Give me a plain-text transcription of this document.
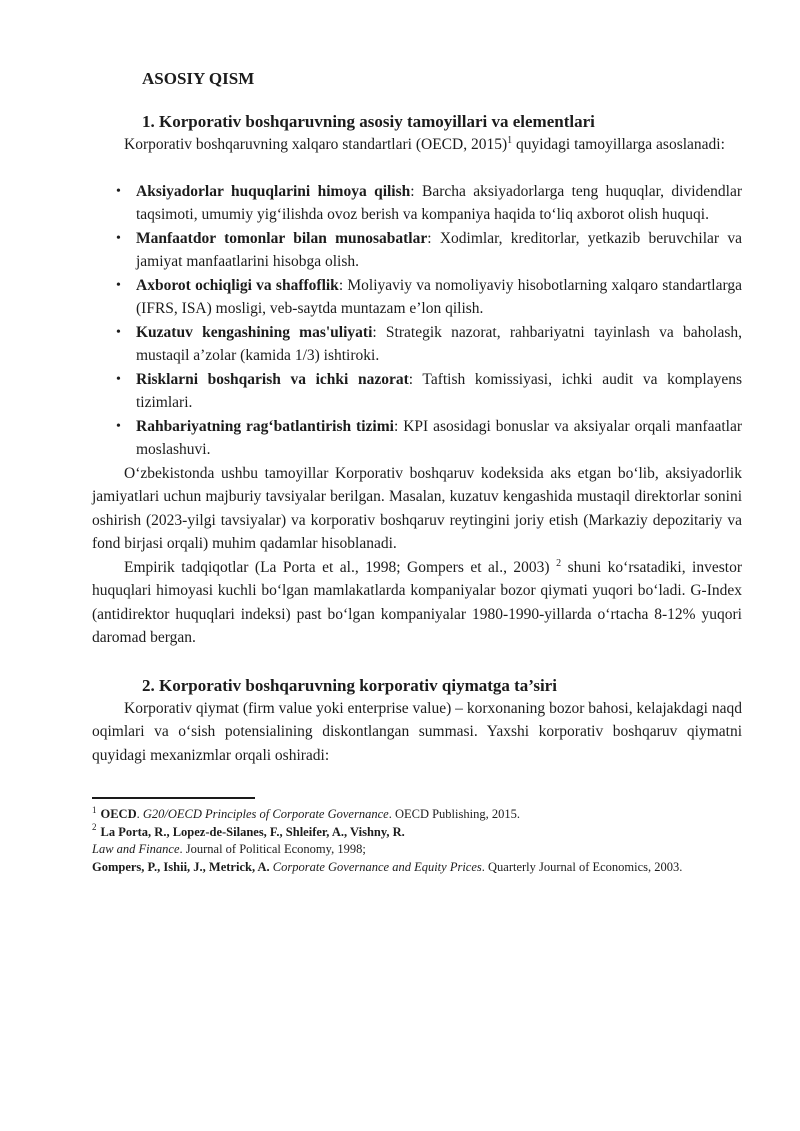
ASOSIY QISM
1. Korporativ boshqaruvning asosiy tamoyillari va elementlari

Korporativ boshqaruvning xalqaro standartlari (OECD, 2015)$^1$ quyidagi tamoyillarga asoslanadi:

• Aksiyadorlar huquqlarini himoya qilish: Barcha aksiyadorlarga teng huquqlar, dividendlar taqsimoti, umumiy yig‘ilishda ovoz berish va kompaniya haqida to‘liq axborot olish huquqi.
• Manfaatdor tomonlar bilan munosabatlar: Xodimlar, kreditorlar, yetkazib beruvchilar va jamiyat manfaatlarini hisobga olish.
• Axborot ochiqligi va shaffoflik: Moliyaviy va nomoliyaviy hisobotlarning xalqaro standartlarga (IFRS, ISA) mosligi, veb-saytda muntazam e’lon qilish.
• Kuzatuv kengashining mas'uliyati: Strategik nazorat, rahbariyatni tayinlash va baholash, mustaqil a’zolar (kamida 1/3) ishtiroki.
• Risklarni boshqarish va ichki nazorat: Taftish komissiyasi, ichki audit va komplayens tizimlari.
• Rahbariyatning rag‘batlantirish tizimi: KPI asosidagi bonuslar va aksiyalar orqali manfaatlar moslashuvi.

O‘zbekistonda ushbu tamoyillar Korporativ boshqaruv kodeksida aks etgan bo‘lib, aksiyadorlik jamiyatlari uchun majburiy tavsiyalar berilgan. Masalan, kuzatuv kengashida mustaqil direktorlar sonini oshirish (2023-yilgi tavsiyalar) va korporativ boshqaruv reytingini joriy etish (Markaziy depozitariy va fond birjasi orqali) muhim qadamlar hisoblanadi.

Empirik tadqiqotlar (La Porta et al., 1998; Gompers et al., 2003) $^2$ shuni ko‘rsatadiki, investor huquqlari himoyasi kuchli bo‘lgan mamlakatlarda kompaniyalar bozor qiymati yuqori bo‘ladi. G-Index (antidirektor huquqlari indeksi) past bo‘lgan kompaniyalar 1980-1990-yillarda o‘rtacha 8-12% yuqori daromad bergan.

2. Korporativ boshqaruvning korporativ qiymatga ta’siri

Korporativ qiymat (firm value yoki enterprise value) – korxonaning bozor bahosi, kelajakdagi naqd oqimlari va o‘sish potensialining diskontlangan summasi. Yaxshi korporativ boshqaruv qiymatni quyidagi mexanizmlar orqali oshiradi:

$^1$ OECD. G20/OECD Principles of Corporate Governance. OECD Publishing, 2015.

$^2$ La Porta, R., Lopez-de-Silanes, F., Shleifer, A., Vishny, R.

Law and Finance. Journal of Political Economy, 1998;

Gompers, P., Ishii, J., Metrick, A. Corporate Governance and Equity Prices. Quarterly Journal of Economics, 2003.
